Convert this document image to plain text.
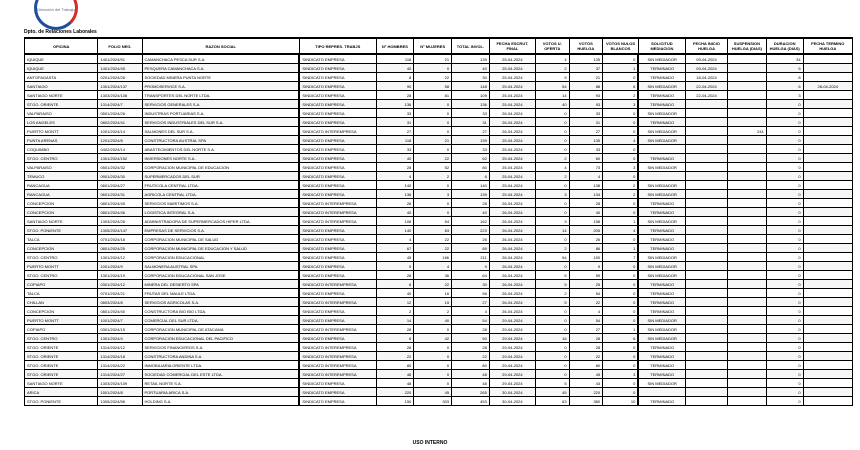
Dirección del Trabajo
Dpto. de Relaciones Laborales
OFICINA	FOLIO NEG.	RAZON SOCIAL	TIPO REPRES. TRABJS	N° HOMBRES	N° MUJERES	TOTAL INVOL.	FECHA ESCRUT. FINAL	VOTOS U. OFERTA	VOTOS HUELGA	VOTOS NULOS BLANCOS	SOLICITUD MEDIACION	FECHA INICIO HUELGA	SUSPENSION HUELGA (DIAS)	DURACION HUELGA (DIAS)	FECHA TERMINO HUELGA
IQUIQUE	1401/2024/51	CAMANCHACA PESCA SUR S.A.	SINDICATO EMPRESA	118	21	139	25-04-2024	4	135	0	SIN MEDIADOR	09-04-2024		34	
IQUIQUE	1401/2024/45	PESQUERA CAMANCHACA S.A.	SINDICATO EMPRESA	40	0	40	25-04-2024	2	37	1	TERMINADO	09-04-2024		5	
ANTOFAGASTA	0201/2024/26	SOCIEDAD MINERA PUNTA NORTE	SINDICATO EMPRESA	8	22	30	25-04-2024	9	21	0	TERMINADO	18-04-2024		8	
SANTIAGO	1301/2024/137	PROMOSERVICE S.A.	SINDICATO EMPRESA	90	58	148	25-04-2024	54	88	6	SIN MEDIADOR	22-04-2024		6	28-04-2024
SANTIAGO NORTE	1303/2024/108	TRANSPORTES DEL NORTE LTDA.	SINDICATO EMPRESA	28	81	109	25-04-2024	14	93	2	TERMINADO	22-04-2024		3	
STGO. ORIENTE	1314/2024/7	SERVICIOS GENERALES S.A.	SINDICATO EMPRESA	136	0	136	25-04-2024	40	93	3	TERMINADO			0	
VALPARAISO	0501/2024/26	INDUSTRIAS PORTUARIAS S.A.	SINDICATO EMPRESA	33	0	33	26-04-2024	0	33	0	SIN MEDIADOR			0	
LOS ANGELES	0802/2024/41	SERVICIOS INDUSTRIALES DEL SUR S.A.	SINDICATO EMPRESA	31	0	31	26-04-2024	0	31	0	TERMINADO			0	
PUERTO MONTT	1001/2024/14	SALMONES DEL SUR S.A.	SINDICATO INTEREMPRESA	27	0	27	26-04-2024	0	27	0	SIN MEDIADOR		241	0	
PUNTA ARENAS	1201/2024/8	CONSTRUCTORA AUSTRAL SPA	SINDICATO EMPRESA	118	21	139	25-04-2024	0	135	4	SIN MEDIADOR			0	
COQUIMBO	0402/2024/14	ABASTECIMIENTOS DEL NORTE S.A.	SINDICATO EMPRESA	33	0	33	25-04-2024	0	33	0				0	
STGO. CENTRO	1301/2024/152	INVERSIONES NORTE S.A.	SINDICATO EMPRESA	40	22	62	25-04-2024	2	60	0	TERMINADO			0	
VALPARAISO	0501/2024/32	CORPORACION MUNICIPAL DE EDUCACION	SINDICATO EMPRESA	28	52	80	25-04-2024	4	73	3	SIN MEDIADOR			0	
TEMUCO	0901/2024/30	SUPERMERCADOS DEL SUR	SINDICATO EMPRESA	4	2	6	25-04-2024	2	4	0				0	
RANCAGUA	0601/2024/27	FRUTICOLA CENTRAL LTDA.	SINDICATO EMPRESA	140	0	140	25-04-2024	0	138	2	SIN MEDIADOR			0	
RANCAGUA	0601/2024/31	AGRICOLA CENTRAL LTDA.	SINDICATO EMPRESA	136	3	139	25-04-2024	3	134	2	SIN MEDIADOR			0	
CONCEPCION	0801/2024/45	SERVICIOS MARITIMOS S.A.	SINDICATO INTEREMPRESA	28	0	28	26-04-2024	0	28	0	TERMINADO			0	
CONCEPCION	0801/2024/46	LOGISTICA INTEGRAL S.A.	SINDICATO INTEREMPRESA	40	0	40	26-04-2024	0	40	0	TERMINADO			0	
SANTIAGO NORTE	1303/2024/26	ADMINISTRADORA DE SUPERMERCADOS HIPER LTDA.	SINDICATO INTEREMPRESA	108	54	162	26-04-2024	3	158	1	SIN MEDIADOR			0	
STGO. PONIENTE	1305/2024/147	EMPRESAS DE SERVICIOS S.A.	SINDICATO EMPRESA	140	83	223	26-04-2024	14	205	4	TERMINADO			0	
TALCA	0701/2024/18	CORPORACION MUNICIPAL DE SALUD	SINDICATO EMPRESA	4	22	26	26-04-2024	0	26	0	TERMINADO			0	
CONCEPCION	0801/2024/25	CORPORACION MUNICIPAL DE EDUCACION Y SALUD	SINDICATO EMPRESA	67	22	89	26-04-2024	2	86	1	TERMINADO			0	
STGO. CENTRO	1301/2024/12	CORPORACION EDUCACIONAL	SINDICATO EMPRESA	45	166	211	26-04-2024	54	150	7	SIN MEDIADOR			0	
PUERTO MONTT	1001/2024/9	SALMONERA AUSTRAL SPA	SINDICATO EMPRESA	5	4	9	26-04-2024	0	9	0	SIN MEDIADOR			0	
STGO. CENTRO	1301/2024/19	CORPORACION EDUCACIONAL SAN JOSE	SINDICATO EMPRESA	28	36	64	26-04-2024	5	59	0	SIN MEDIADOR			0	
COPIAPO	0301/2024/12	MINERA DEL DESIERTO SPA	SINDICATO INTEREMPRESA	8	22	30	26-04-2024	5	25	0	TERMINADO			0	
TALCA	0701/2024/21	FRUTAS DEL MAULE LTDA.	SINDICATO EMPRESA	40	16	56	26-04-2024	2	54	0	TERMINADO			0	
CHILLAN	0803/2024/8	SERVICIOS AGRICOLAS S.A.	SINDICATO INTEREMPRESA	12	15	27	26-04-2024	5	22	0	TERMINADO			0	
CONCEPCION	0801/2024/40	CONSTRUCTORA BIO BIO LTDA.	SINDICATO EMPRESA	2	2	4	26-04-2024	0	4	0	TERMINADO			0	
PUERTO MONTT	1001/2024/7	COMERCIAL DEL SUR LTDA.	SINDICATO EMPRESA	14	40	54	29-04-2024	0	54	0	SIN MEDIADOR			0	
COPIAPO	0301/2024/15	CORPORACION MUNICIPAL DE ATACAMA	SINDICATO INTEREMPRESA	28	0	28	29-04-2024	0	27	1	SIN MEDIADOR			0	
STGO. CENTRO	1301/2024/4	CORPORACION EDUCACIONAL DEL PACIFICO	SINDICATO EMPRESA	8	42	50	29-04-2024	16	28	6	SIN MEDIADOR			0	
STGO. ORIENTE	1314/2024/12	SERVICIOS FINANCIEROS S.A.	SINDICATO INTEREMPRESA	28	0	28	29-04-2024	0	28	0	TERMINADO			0	
STGO. ORIENTE	1314/2024/18	CONSTRUCTORA ANDINA S.A.	SINDICATO INTEREMPRESA	22	0	22	29-04-2024	0	22	0	TERMINADO			0	
STGO. ORIENTE	1314/2024/22	INMOBILIARIA ORIENTE LTDA.	SINDICATO INTEREMPRESA	80	0	80	29-04-2024	0	80	0	TERMINADO			0	
STGO. ORIENTE	1314/2024/27	SOCIEDAD COMERCIAL DEL ESTE LTDA.	SINDICATO INTEREMPRESA	48	0	48	29-04-2024	0	45	3	TERMINADO			0	
SANTIAGO NORTE	1303/2024/109	RETAIL NORTE S.A.	SINDICATO EMPRESA	48	0	48	29-04-2024	5	43	0	SIN MEDIADOR			0	
ARICA	1501/2024/8	PORTUARIA ARICA S.A.	SINDICATO EMPRESA	220	45	265	30-04-2024	45	220	0				0	
STGO. PONIENTE	1305/2024/56	HOLDING S.A.	SINDICATO EMPRESA	150	303	453	30-04-2024	63	380	10	TERMINADO			0	
USO INTERNO
